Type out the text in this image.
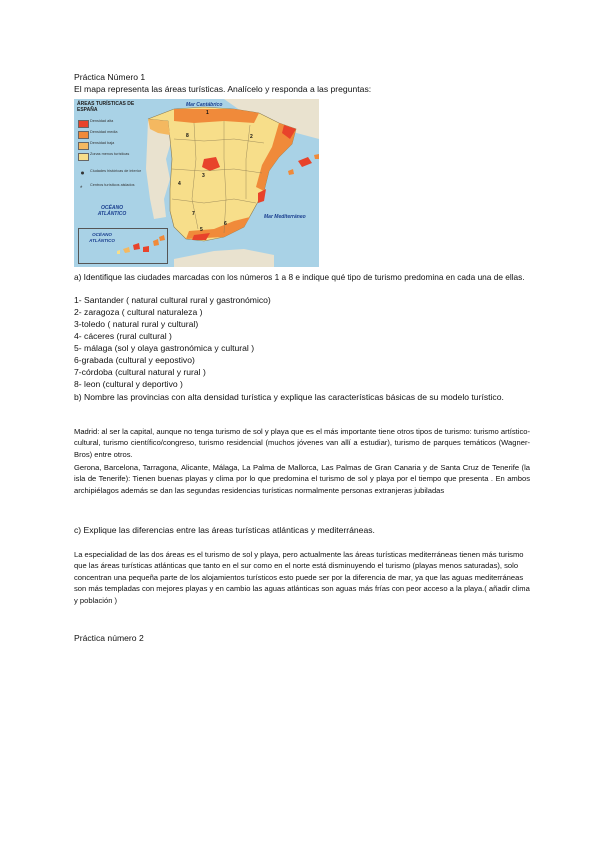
Práctica Número 1
El mapa representa las áreas turísticas. Analícelo y responda a las preguntas:
1
2
3
4
5
6
7
8
ÁREAS TURÍSTICAS DE ESPAÑA
Densidad alta
Densidad media
Densidad baja
Zonas menos turísticas
Ciudades históricas de interior
*
Centros turísticos aislados
Mar Cantábrico
Mar Mediterráneo
OCÉANO ATLÁNTICO
OCÉANO ATLÁNTICO
a) Identifique las ciudades marcadas con los números 1 a 8 e indique qué tipo de turismo predomina en cada una de ellas.
1- Santander ( natural cultural rural y gastronómico)
2- zaragoza ( cultural naturaleza )
3-toledo ( natural rural y cultural)
4- cáceres (rural cultural )
5- málaga (sol y olaya gastronómica y cultural )
6-grabada (cultural y eepostivo)
7-córdoba (cultural natural y rural )
8- leon (cultural y deportivo )
b) Nombre las provincias con alta densidad turística y explique las características básicas de su modelo turístico.
Madrid: al ser la capital, aunque no tenga turismo de sol y playa que es el más importante tiene otros tipos de turismo: turismo artístico-cultural, turismo científico/congreso, turismo residencial (muchos jóvenes van allí a estudiar), turismo de parques temáticos (Wagner-Bros) entre otros.
Gerona, Barcelona, Tarragona, Alicante, Málaga, La Palma de Mallorca, Las Palmas de Gran Canaria y de Santa Cruz de Tenerife (la isla de Tenerife): Tienen buenas playas y clima por lo que predomina el turismo de sol y playa por el tiempo que presenta . En ambos archipiélagos además se dan las segundas residencias turísticas normalmente personas extranjeras jubiladas
c) Explique las diferencias entre las áreas turísticas atlánticas y mediterráneas.
La especialidad de las dos áreas es el turismo de sol y playa, pero actualmente las áreas turísticas mediterráneas tienen más turismo que las áreas turísticas atlánticas que tanto en el sur como en el norte está disminuyendo el turismo (playas menos saturadas), solo concentran una pequeña parte de los alojamientos turísticos esto puede ser por la diferencia de mar, ya que las aguas mediterráneas son más templadas con mejores playas y en cambio las aguas atlánticas son aguas más frías con peor acceso a la playa.( añadir clima y población )
Práctica número 2
